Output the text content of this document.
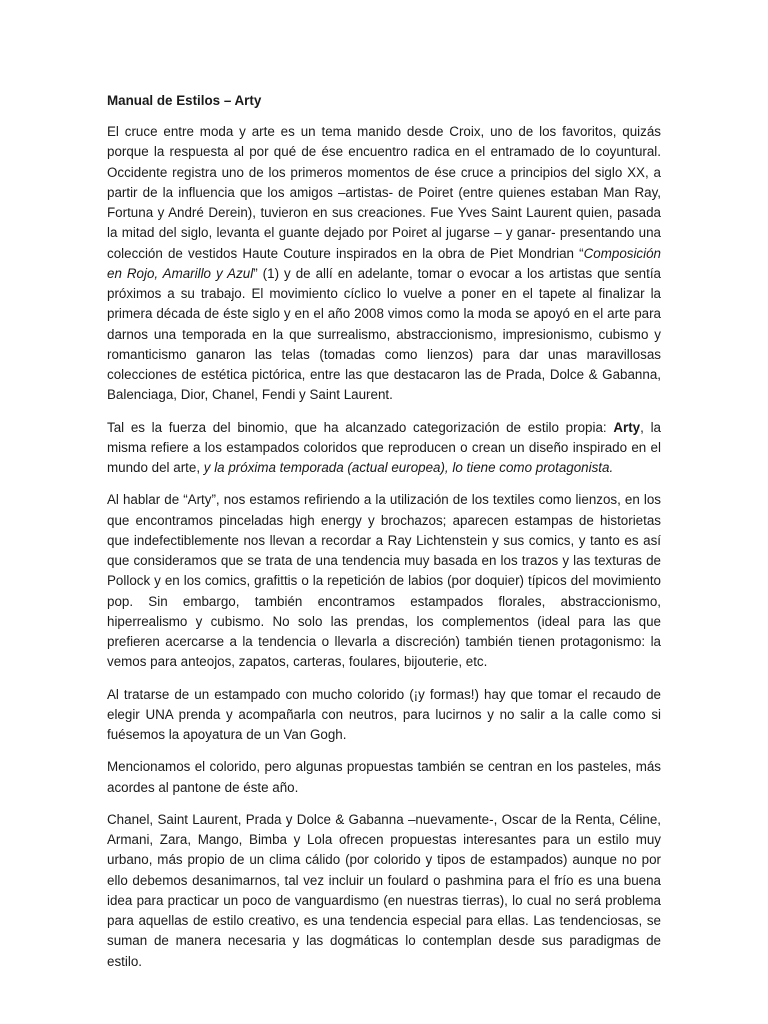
Manual de Estilos – Arty

El cruce entre moda y arte es un tema manido desde Croix, uno de los favoritos, quizás porque la respuesta al por qué de ése encuentro radica en el entramado de lo coyuntural. Occidente registra uno de los primeros momentos de ése cruce a principios del siglo XX, a partir de la influencia que los amigos –artistas- de Poiret (entre quienes estaban Man Ray, Fortuna y André Derein), tuvieron en sus creaciones. Fue Yves Saint Laurent quien, pasada la mitad del siglo, levanta el guante dejado por Poiret al jugarse – y ganar- presentando una colección de vestidos Haute Couture inspirados en la obra de Piet Mondrian “Composición en Rojo, Amarillo y Azul” (1) y de allí en adelante, tomar o evocar a los artistas que sentía próximos a su trabajo. El movimiento cíclico lo vuelve a poner en el tapete al finalizar la primera década de éste siglo y en el año 2008 vimos como la moda se apoyó en el arte para darnos una temporada en la que surrealismo, abstraccionismo, impresionismo, cubismo y romanticismo ganaron las telas (tomadas como lienzos) para dar unas maravillosas colecciones de estética pictórica, entre las que destacaron las de Prada, Dolce & Gabanna, Balenciaga, Dior, Chanel, Fendi y Saint Laurent.

Tal es la fuerza del binomio, que ha alcanzado categorización de estilo propia: Arty, la misma refiere a los estampados coloridos que reproducen o crean un diseño inspirado en el mundo del arte, y la próxima temporada (actual europea), lo tiene como protagonista.

Al hablar de “Arty”, nos estamos refiriendo a la utilización de los textiles como lienzos, en los que encontramos pinceladas high energy y brochazos; aparecen estampas de historietas que indefectiblemente nos llevan a recordar a Ray Lichtenstein y sus comics, y tanto es así que consideramos que se trata de una tendencia muy basada en los trazos y las texturas de Pollock y en los comics, grafittis o la repetición de labios (por doquier) típicos del movimiento pop. Sin embargo, también encontramos estampados florales, abstraccionismo, hiperrealismo y cubismo. No solo las prendas, los complementos (ideal para las que prefieren acercarse a la tendencia o llevarla a discreción) también tienen protagonismo: la vemos para anteojos, zapatos, carteras, foulares, bijouterie, etc.

Al tratarse de un estampado con mucho colorido (¡y formas!) hay que tomar el recaudo de elegir UNA prenda y acompañarla con neutros, para lucirnos y no salir a la calle como si fuésemos la apoyatura de un Van Gogh.

Mencionamos el colorido, pero algunas propuestas también se centran en los pasteles, más acordes al pantone de éste año.

Chanel, Saint Laurent, Prada y Dolce & Gabanna –nuevamente-, Oscar de la Renta, Céline, Armani, Zara, Mango, Bimba y Lola ofrecen propuestas interesantes para un estilo muy urbano, más propio de un clima cálido (por colorido y tipos de estampados) aunque no por ello debemos desanimarnos, tal vez incluir un foulard o pashmina para el frío es una buena idea para practicar un poco de vanguardismo (en nuestras tierras), lo cual no será problema para aquellas de estilo creativo, es una tendencia especial para ellas. Las tendenciosas, se suman de manera necesaria y las dogmáticas lo contemplan desde sus paradigmas de estilo.
